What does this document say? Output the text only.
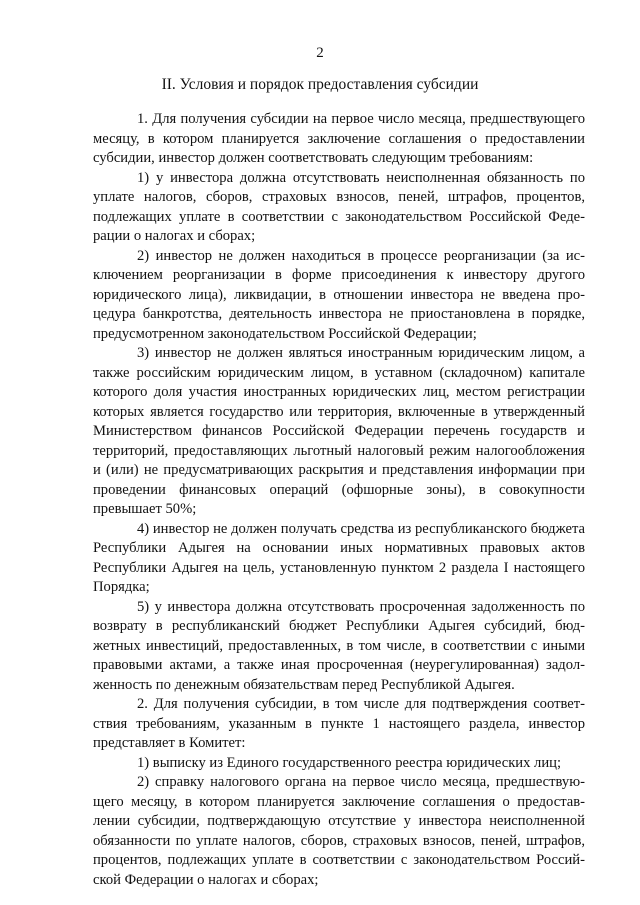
2
II. Условия и порядок предоставления субсидии

1. Для получения субсидии на первое число месяца, предшествующего месяцу, в котором планируется заключение соглашения о предоставлении субсидии, инвестор должен соответствовать следующим требованиям:

1) у инвестора должна отсутствовать неисполненная обязанность по уплате налогов, сборов, страховых взносов, пеней, штрафов, процентов, подлежащих уплате в соответствии с законодательством Российской Федерации о налогах и сборах;

2) инвестор не должен находиться в процессе реорганизации (за исключением реорганизации в форме присоединения к инвестору другого юридического лица), ликвидации, в отношении инвестора не введена процедура банкротства, деятельность инвестора не приостановлена в порядке, предусмотренном законодательством Российской Федерации;

3) инвестор не должен являться иностранным юридическим лицом, а также российским юридическим лицом, в уставном (складочном) капитале которого доля участия иностранных юридических лиц, местом регистрации которых является государство или территория, включенные в утвержденный Министерством финансов Российской Федерации перечень государств и территорий, предоставляющих льготный налоговый режим налогообложения и (или) не предусматривающих раскрытия и представления информации при проведении финансовых операций (офшорные зоны), в совокупности превышает 50%;

4) инвестор не должен получать средства из республиканского бюджета Республики Адыгея на основании иных нормативных правовых актов Республики Адыгея на цель, установленную пунктом 2 раздела I настоящего Порядка;

5) у инвестора должна отсутствовать просроченная задолженность по возврату в республиканский бюджет Республики Адыгея субсидий, бюджетных инвестиций, предоставленных, в том числе, в соответствии с иными правовыми актами, а также иная просроченная (неурегулированная) задолженность по денежным обязательствам перед Республикой Адыгея.

2. Для получения субсидии, в том числе для подтверждения соответствия требованиям, указанным в пункте 1 настоящего раздела, инвестор представляет в Комитет:

1) выписку из Единого государственного реестра юридических лиц;

2) справку налогового органа на первое число месяца, предшествующего месяцу, в котором планируется заключение соглашения о предоставлении субсидии, подтверждающую отсутствие у инвестора неисполненной обязанности по уплате налогов, сборов, страховых взносов, пеней, штрафов, процентов, подлежащих уплате в соответствии с законодательством Российской Федерации о налогах и сборах;
